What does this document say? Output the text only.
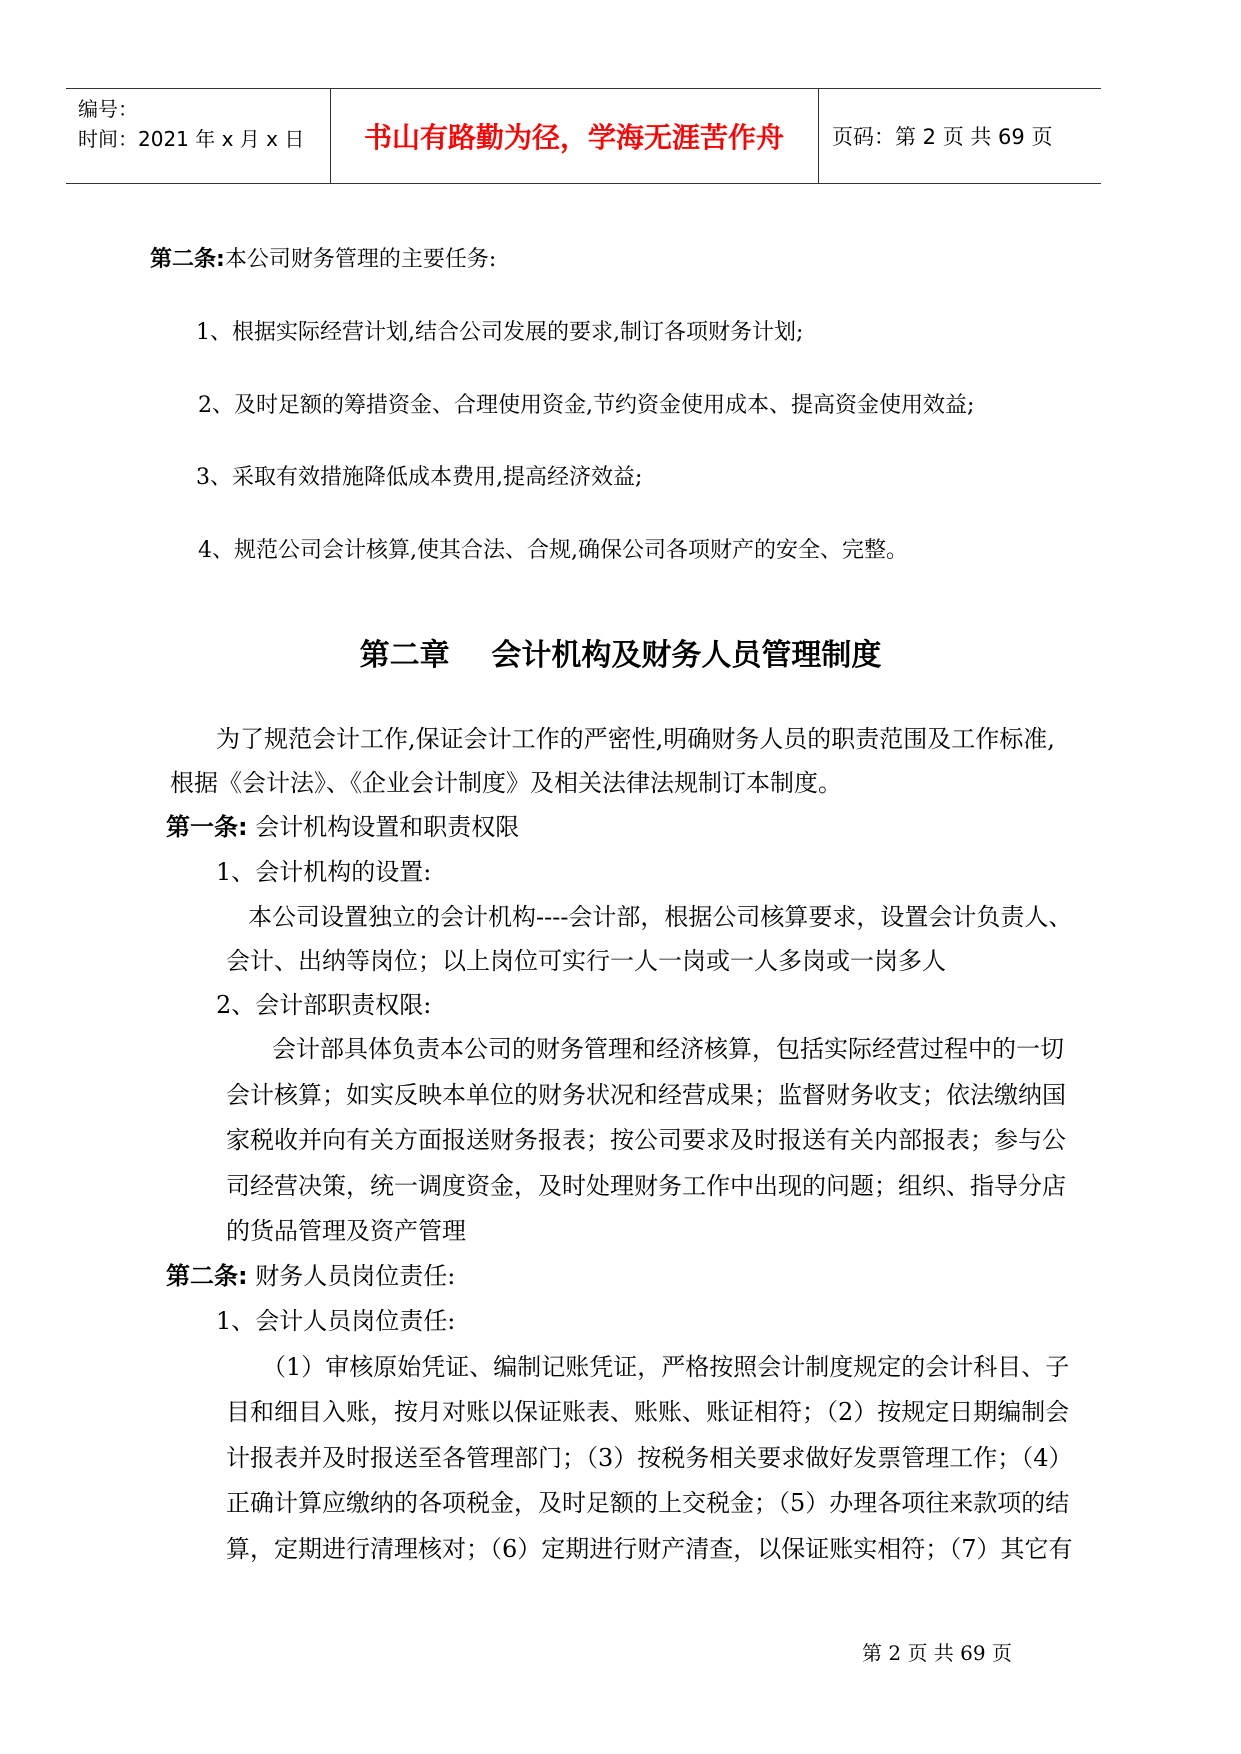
编号：
时间：2021 年 x 月 x 日	书山有路勤为径，学海无涯苦作舟	页码：第 2 页 共 69 页
第二条:本公司财务管理的主要任务:
1、根据实际经营计划,结合公司发展的要求,制订各项财务计划;
2、及时足额的筹措资金、合理使用资金,节约资金使用成本、提高资金使用效益;
3、采取有效措施降低成本费用,提高经济效益;
4、规范公司会计核算,使其合法、合规,确保公司各项财产的安全、完整。
第二章    会计机构及财务人员管理制度
为了规范会计工作,保证会计工作的严密性,明确财务人员的职责范围及工作标准,
根据《会计法》、《企业会计制度》及相关法律法规制订本制度。
第一条: 会计机构设置和职责权限
1、会计机构的设置:
本公司设置独立的会计机构----会计部，根据公司核算要求，设置会计负责人、
会计、出纳等岗位；以上岗位可实行一人一岗或一人多岗或一岗多人
2、会计部职责权限:
会计部具体负责本公司的财务管理和经济核算，包括实际经营过程中的一切
会计核算；如实反映本单位的财务状况和经营成果；监督财务收支；依法缴纳国
家税收并向有关方面报送财务报表；按公司要求及时报送有关内部报表；参与公
司经营决策，统一调度资金，及时处理财务工作中出现的问题；组织、指导分店
的货品管理及资产管理
第二条: 财务人员岗位责任:
1、会计人员岗位责任:
（1）审核原始凭证、编制记账凭证，严格按照会计制度规定的会计科目、子
目和细目入账，按月对账以保证账表、账账、账证相符；（2）按规定日期编制会
计报表并及时报送至各管理部门；（3）按税务相关要求做好发票管理工作；（4）
正确计算应缴纳的各项税金，及时足额的上交税金；（5）办理各项往来款项的结
算，定期进行清理核对；（6）定期进行财产清查，以保证账实相符；（7）其它有
第 2 页 共 69 页
